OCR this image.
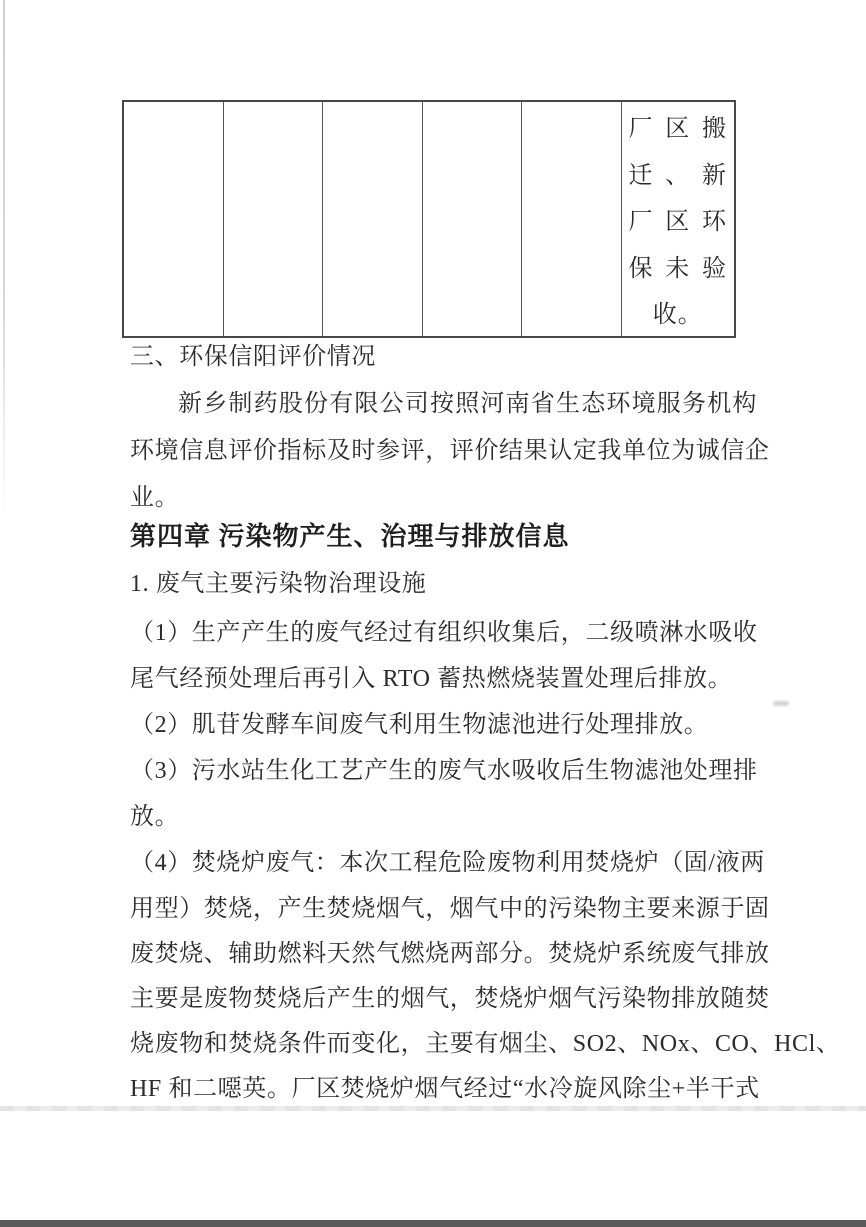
厂区搬
迁、新
厂区环
保未验
收。
三、环保信阳评价情况
新乡制药股份有限公司按照河南省生态环境服务机构
环境信息评价指标及时参评，评价结果认定我单位为诚信企
业。
第四章 污染物产生、治理与排放信息
1. 废气主要污染物治理设施
（1）生产产生的废气经过有组织收集后，二级喷淋水吸收
尾气经预处理后再引入 RTO 蓄热燃烧装置处理后排放。
（2）肌苷发酵车间废气利用生物滤池进行处理排放。
（3）污水站生化工艺产生的废气水吸收后生物滤池处理排
放。
（4）焚烧炉废气：本次工程危险废物利用焚烧炉（固/液两
用型）焚烧，产生焚烧烟气，烟气中的污染物主要来源于固
废焚烧、辅助燃料天然气燃烧两部分。焚烧炉系统废气排放
主要是废物焚烧后产生的烟气，焚烧炉烟气污染物排放随焚
烧废物和焚烧条件而变化，主要有烟尘、SO2、NOx、CO、HCl、
HF 和二噁英。厂区焚烧炉烟气经过“水冷旋风除尘+半干式
